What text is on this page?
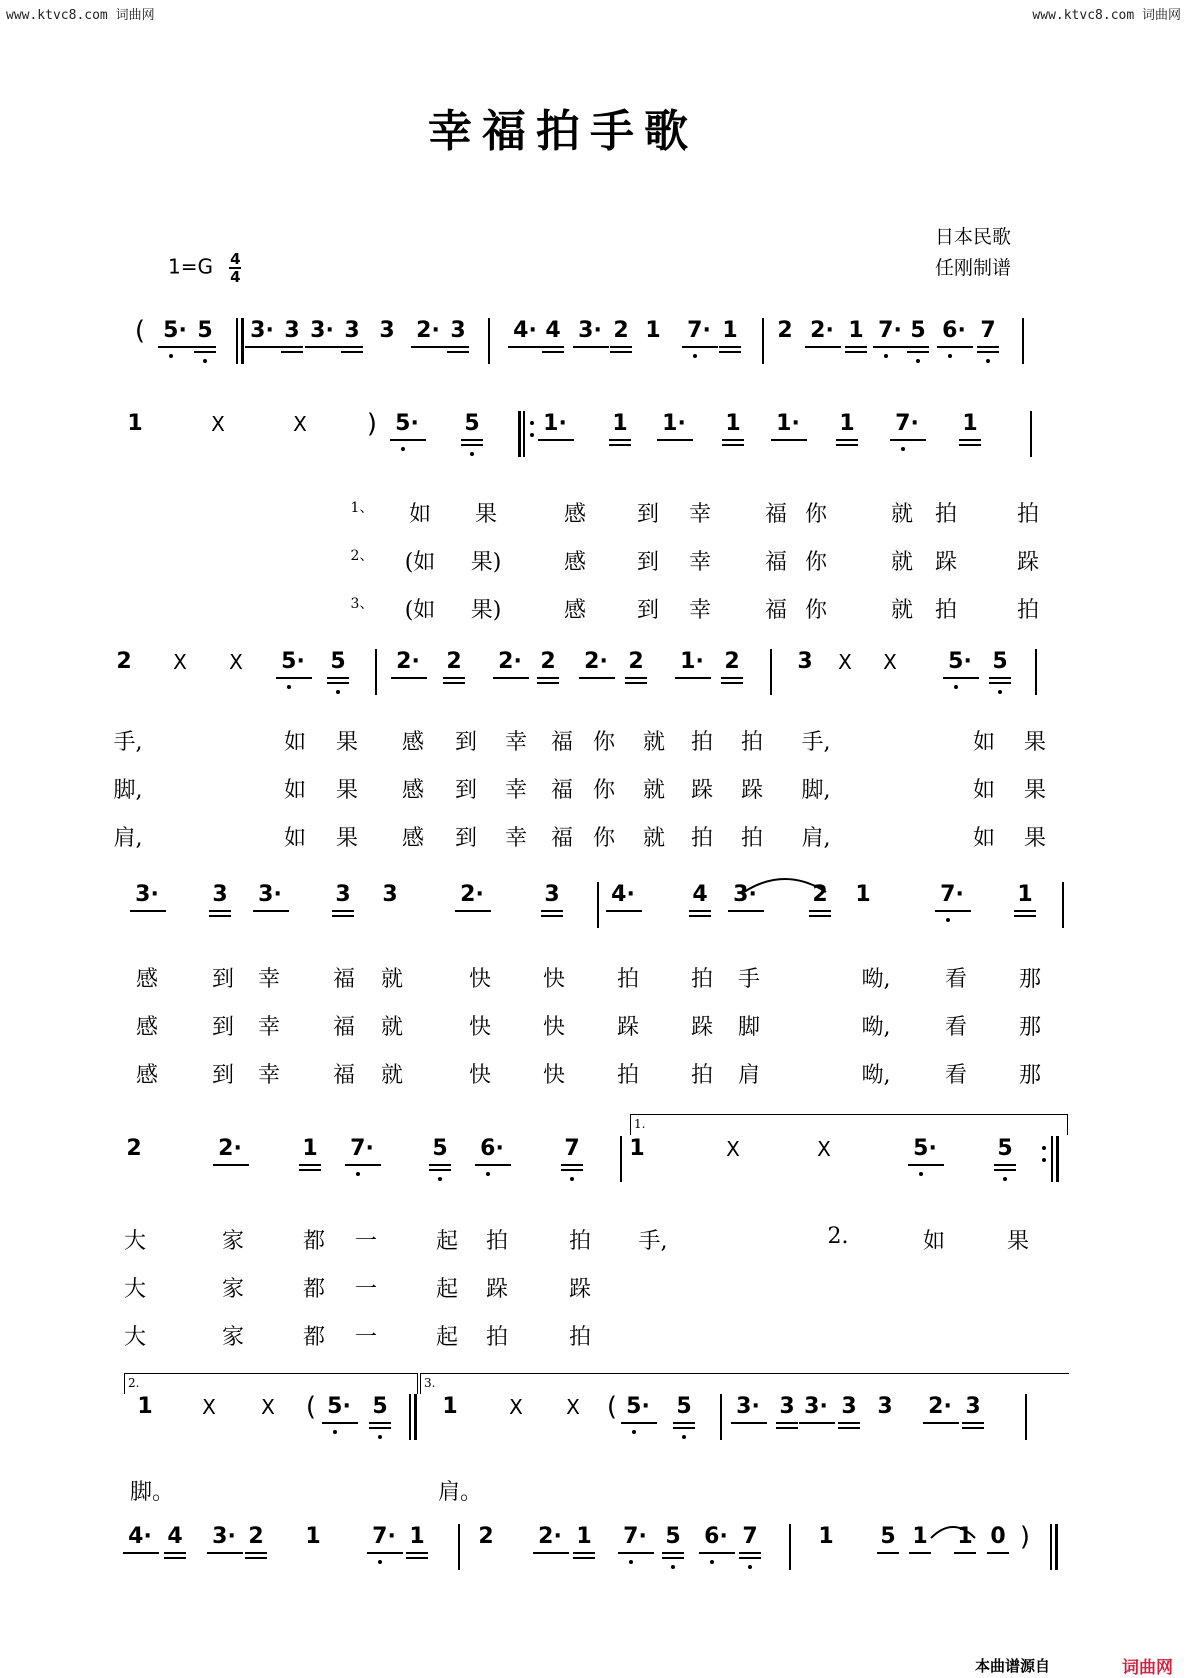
www.ktvc8.com 词曲网	www.ktvc8.com 词曲网
幸福拍手歌
日本民歌
任刚制谱
$1=G \frac{4}{4}$
( 5· 5 3· 3 3· 3 3 2· 3 4· 4 3· 2 1 7· 1 2 2· 1 7· 5 6· 7
1	X	X ) 5· 5	1· 1 1· 1 1· 1 7· 1
2 X X 5· 5 2· 2 2· 2 2· 2 1· 2	3 X X 5· 5
3· 3 3· 3 3	2·	3 4·	4 3·	2 1	7· 1
2	2·	1 7·	5 6·	7 1	X	X	5·	5
1 X X ( 5· 5 1	X X ( 5· 5 3· 3 3· 3 3 2· 3
4· 4 3· 2 1 7· 1 2 2· 1 7· 5 6· 7	1 5 1 1 0 )
1、 如 果	感 到 幸 福 你	就 拍	拍
2、 (如 果)	感 到 幸 福 你	就 跺	跺
3、 (如 果)	感 到 幸 福 你	就 拍	拍
手,	如 果 感 到 幸 福 你 就 拍 拍 手,	如 果
脚,	如 果 感 到 幸 福 你 就 跺 跺 脚,	如 果
肩,	如 果 感 到 幸 福 你 就 拍 拍 肩,	如 果
感 到 幸 福 就	快 快 拍 拍 手	呦, 看 那
感 到 幸 福 就	快 快 跺 跺 脚	呦, 看 那
感 到 幸 福 就	快 快 拍 拍 肩	呦, 看 那
大	家	都 一	起 拍	拍 手,	2.	如	果
大	家	都 一	起 跺	跺
大	家	都 一	起 拍	拍
脚。	肩。
1.
2.	3.
本曲谱源自	词曲网
